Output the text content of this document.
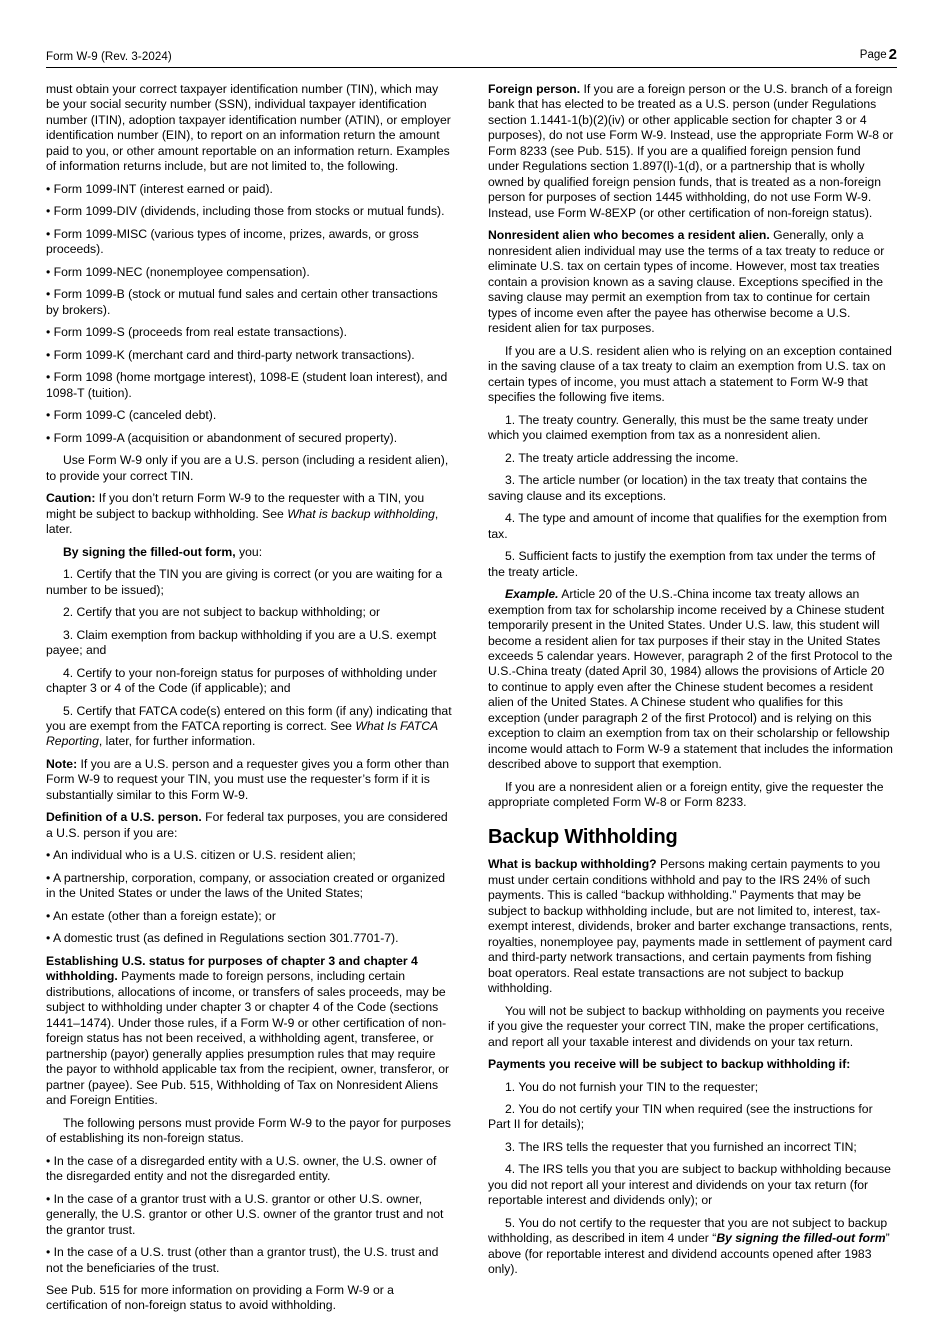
Form W-9 (Rev. 3-2024)	Page 2

must obtain your correct taxpayer identification number (TIN), which may be your social security number (SSN), individual taxpayer identification number (ITIN), adoption taxpayer identification number (ATIN), or employer identification number (EIN), to report on an information return the amount paid to you, or other amount reportable on an information return. Examples of information returns include, but are not limited to, the following.

• Form 1099-INT (interest earned or paid).

• Form 1099-DIV (dividends, including those from stocks or mutual funds).

• Form 1099-MISC (various types of income, prizes, awards, or gross proceeds).

• Form 1099-NEC (nonemployee compensation).

• Form 1099-B (stock or mutual fund sales and certain other transactions by brokers).

• Form 1099-S (proceeds from real estate transactions).

• Form 1099-K (merchant card and third-party network transactions).

• Form 1098 (home mortgage interest), 1098-E (student loan interest), and 1098-T (tuition).

• Form 1099-C (canceled debt).

• Form 1099-A (acquisition or abandonment of secured property).

Use Form W-9 only if you are a U.S. person (including a resident alien), to provide your correct TIN.

Caution: If you don’t return Form W-9 to the requester with a TIN, you might be subject to backup withholding. See What is backup withholding, later.

By signing the filled-out form, you:

1. Certify that the TIN you are giving is correct (or you are waiting for a number to be issued);

2. Certify that you are not subject to backup withholding; or

3. Claim exemption from backup withholding if you are a U.S. exempt payee; and

4. Certify to your non-foreign status for purposes of withholding under chapter 3 or 4 of the Code (if applicable); and

5. Certify that FATCA code(s) entered on this form (if any) indicating that you are exempt from the FATCA reporting is correct. See What Is FATCA Reporting, later, for further information.

Note: If you are a U.S. person and a requester gives you a form other than Form W-9 to request your TIN, you must use the requester’s form if it is substantially similar to this Form W-9.

Definition of a U.S. person. For federal tax purposes, you are considered a U.S. person if you are:

• An individual who is a U.S. citizen or U.S. resident alien;

• A partnership, corporation, company, or association created or organized in the United States or under the laws of the United States;

• An estate (other than a foreign estate); or

• A domestic trust (as defined in Regulations section 301.7701-7).

Establishing U.S. status for purposes of chapter 3 and chapter 4 withholding. Payments made to foreign persons, including certain distributions, allocations of income, or transfers of sales proceeds, may be subject to withholding under chapter 3 or chapter 4 of the Code (sections 1441–1474). Under those rules, if a Form W-9 or other certification of non-foreign status has not been received, a withholding agent, transferee, or partnership (payor) generally applies presumption rules that may require the payor to withhold applicable tax from the recipient, owner, transferor, or partner (payee). See Pub. 515, Withholding of Tax on Nonresident Aliens and Foreign Entities.

The following persons must provide Form W-9 to the payor for purposes of establishing its non-foreign status.

• In the case of a disregarded entity with a U.S. owner, the U.S. owner of the disregarded entity and not the disregarded entity.

• In the case of a grantor trust with a U.S. grantor or other U.S. owner, generally, the U.S. grantor or other U.S. owner of the grantor trust and not the grantor trust.

• In the case of a U.S. trust (other than a grantor trust), the U.S. trust and not the beneficiaries of the trust.

See Pub. 515 for more information on providing a Form W-9 or a certification of non-foreign status to avoid withholding.

Foreign person. If you are a foreign person or the U.S. branch of a foreign bank that has elected to be treated as a U.S. person (under Regulations section 1.1441-1(b)(2)(iv) or other applicable section for chapter 3 or 4 purposes), do not use Form W-9. Instead, use the appropriate Form W-8 or Form 8233 (see Pub. 515). If you are a qualified foreign pension fund under Regulations section 1.897(l)-1(d), or a partnership that is wholly owned by qualified foreign pension funds, that is treated as a non-foreign person for purposes of section 1445 withholding, do not use Form W-9. Instead, use Form W-8EXP (or other certification of non-foreign status).

Nonresident alien who becomes a resident alien. Generally, only a nonresident alien individual may use the terms of a tax treaty to reduce or eliminate U.S. tax on certain types of income. However, most tax treaties contain a provision known as a saving clause. Exceptions specified in the saving clause may permit an exemption from tax to continue for certain types of income even after the payee has otherwise become a U.S. resident alien for tax purposes.

If you are a U.S. resident alien who is relying on an exception contained in the saving clause of a tax treaty to claim an exemption from U.S. tax on certain types of income, you must attach a statement to Form W-9 that specifies the following five items.

1. The treaty country. Generally, this must be the same treaty under which you claimed exemption from tax as a nonresident alien.

2. The treaty article addressing the income.

3. The article number (or location) in the tax treaty that contains the saving clause and its exceptions.

4. The type and amount of income that qualifies for the exemption from tax.

5. Sufficient facts to justify the exemption from tax under the terms of the treaty article.

Example. Article 20 of the U.S.-China income tax treaty allows an exemption from tax for scholarship income received by a Chinese student temporarily present in the United States. Under U.S. law, this student will become a resident alien for tax purposes if their stay in the United States exceeds 5 calendar years. However, paragraph 2 of the first Protocol to the U.S.-China treaty (dated April 30, 1984) allows the provisions of Article 20 to continue to apply even after the Chinese student becomes a resident alien of the United States. A Chinese student who qualifies for this exception (under paragraph 2 of the first Protocol) and is relying on this exception to claim an exemption from tax on their scholarship or fellowship income would attach to Form W-9 a statement that includes the information described above to support that exemption.

If you are a nonresident alien or a foreign entity, give the requester the appropriate completed Form W-8 or Form 8233.

Backup Withholding

What is backup withholding? Persons making certain payments to you must under certain conditions withhold and pay to the IRS 24% of such payments. This is called “backup withholding.” Payments that may be subject to backup withholding include, but are not limited to, interest, tax-exempt interest, dividends, broker and barter exchange transactions, rents, royalties, nonemployee pay, payments made in settlement of payment card and third-party network transactions, and certain payments from fishing boat operators. Real estate transactions are not subject to backup withholding.

You will not be subject to backup withholding on payments you receive if you give the requester your correct TIN, make the proper certifications, and report all your taxable interest and dividends on your tax return.

Payments you receive will be subject to backup withholding if:

1. You do not furnish your TIN to the requester;

2. You do not certify your TIN when required (see the instructions for Part II for details);

3. The IRS tells the requester that you furnished an incorrect TIN;

4. The IRS tells you that you are subject to backup withholding because you did not report all your interest and dividends on your tax return (for reportable interest and dividends only); or

5. You do not certify to the requester that you are not subject to backup withholding, as described in item 4 under “By signing the filled-out form” above (for reportable interest and dividend accounts opened after 1983 only).
